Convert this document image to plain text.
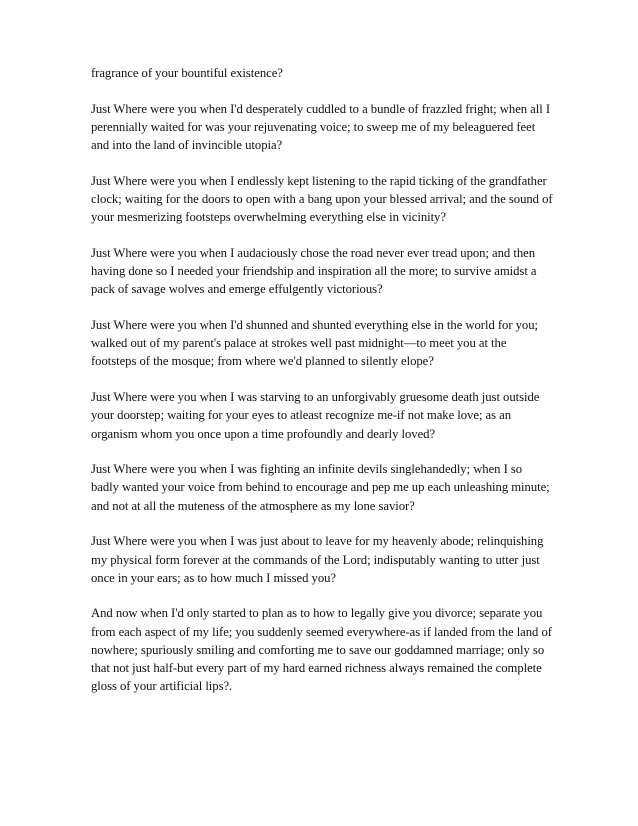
fragrance of your bountiful existence?

Just Where were you when I'd desperately cuddled to a bundle of frazzled fright; when all I perennially waited for was your rejuvenating voice; to sweep me of my beleaguered feet and into the land of invincible utopia?

Just Where were you when I endlessly kept listening to the rapid ticking of the grandfather clock; waiting for the doors to open with a bang upon your blessed arrival; and the sound of your mesmerizing footsteps overwhelming everything else in vicinity?

Just Where were you when I audaciously chose the road never ever tread upon; and then having done so I needed your friendship and inspiration all the more; to survive amidst a pack of savage wolves and emerge effulgently victorious?

Just Where were you when I'd shunned and shunted everything else in the world for you; walked out of my parent's palace at strokes well past midnight—to meet you at the footsteps of the mosque; from where we'd planned to silently elope?

Just Where were you when I was starving to an unforgivably gruesome death just outside your doorstep; waiting for your eyes to atleast recognize me-if not make love; as an organism whom you once upon a time profoundly and dearly loved?

Just Where were you when I was fighting an infinite devils singlehandedly; when I so badly wanted your voice from behind to encourage and pep me up each unleashing minute; and not at all the muteness of the atmosphere as my lone savior?

Just Where were you when I was just about to leave for my heavenly abode; relinquishing my physical form forever at the commands of the Lord; indisputably wanting to utter just once in your ears; as to how much I missed you?

And now when I'd only started to plan as to how to legally give you divorce; separate you from each aspect of my life; you suddenly seemed everywhere-as if landed from the land of nowhere; spuriously smiling and comforting me to save our goddamned marriage; only so that not just half-but every part of my hard earned richness always remained the complete gloss of your artificial lips?.
